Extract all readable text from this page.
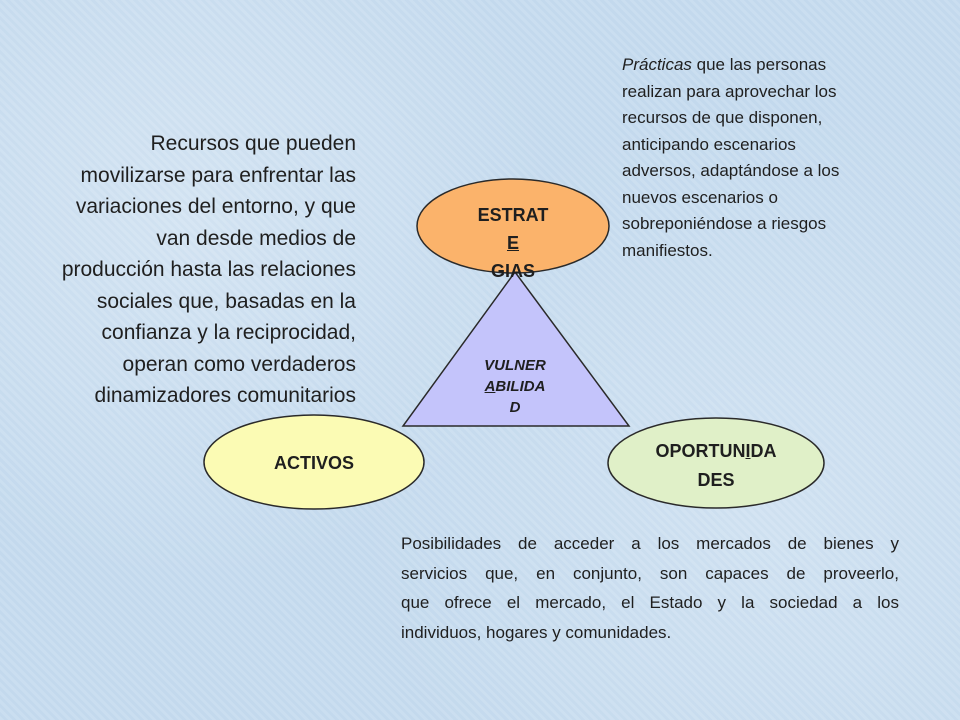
ESTRAT
E
GIAS
VULNER
ABILIDA
D
ACTIVOS
OPORTUNIDA
DES
Recursos que pueden
movilizarse para enfrentar las
variaciones del entorno, y que
van desde medios de
producción hasta las relaciones
sociales que, basadas en la
confianza y la reciprocidad,
operan como verdaderos
dinamizadores comunitarios
Prácticas que las personas
realizan para aprovechar los
recursos de que disponen,
anticipando escenarios
adversos, adaptándose a los
nuevos escenarios o
sobreponiéndose a riesgos
manifiestos.
Posibilidades de acceder a los mercados de bienes y
servicios que, en conjunto, son capaces de proveerlo,
que ofrece el mercado, el Estado y la sociedad a los
individuos, hogares y comunidades.
